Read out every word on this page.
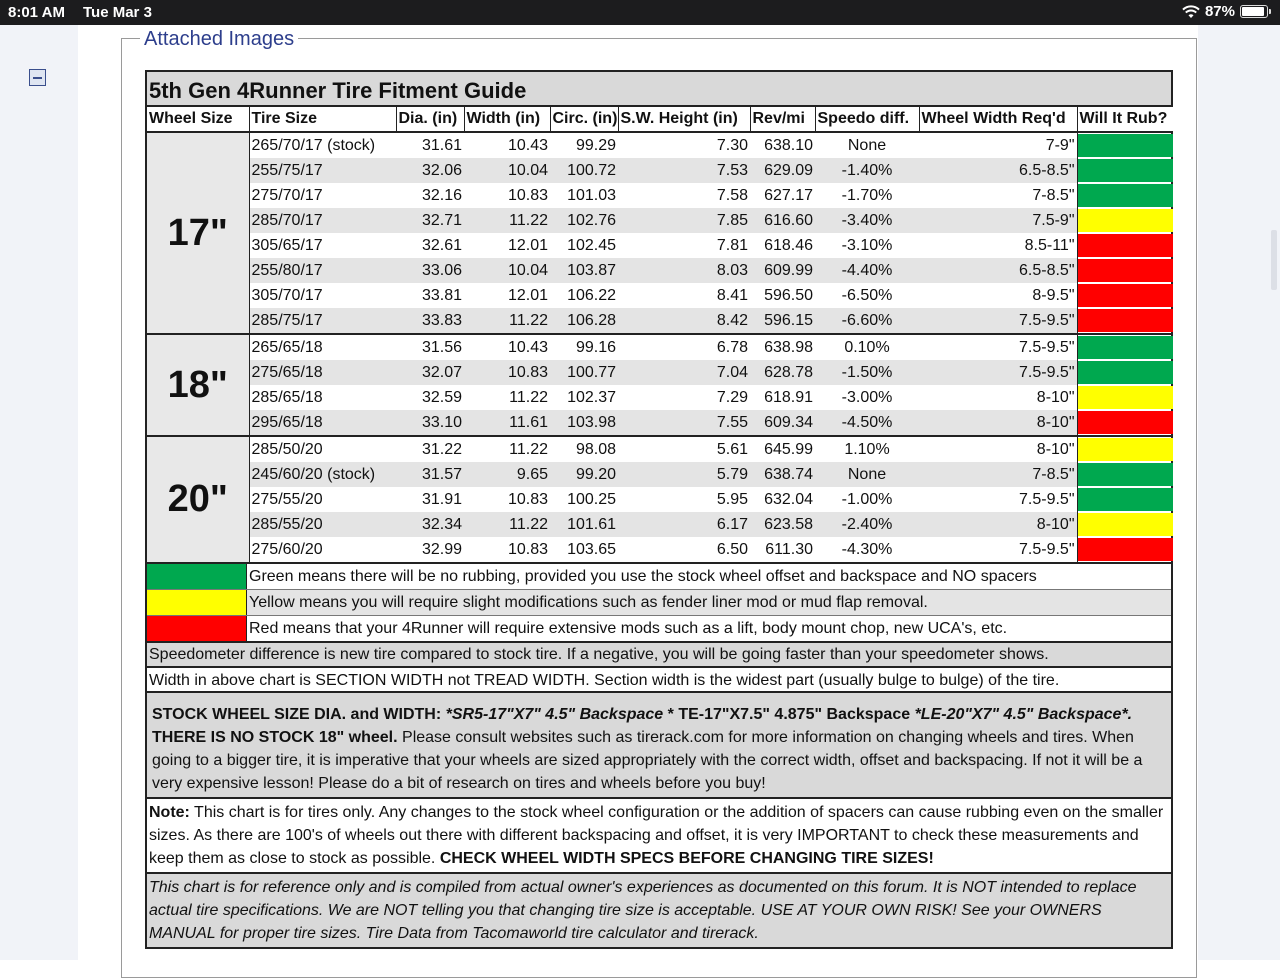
8:01 AM Tue Mar 3	87%
Attached Images
5th Gen 4Runner Tire Fitment Guide
Wheel Size	Tire Size	Dia. (in)	Width (in)	Circ. (in)	S.W. Height (in)	Rev/mi	Speedo diff.	Wheel Width Req'd	Will It Rub?
17"	265/70/17 (stock)	31.61	10.43	99.29	7.30	638.10	None	7-9"	

	255/75/17	32.06	10.04	100.72	7.53	629.09	-1.40%	6.5-8.5"	

	275/70/17	32.16	10.83	101.03	7.58	627.17	-1.70%	7-8.5"	

	285/70/17	32.71	11.22	102.76	7.85	616.60	-3.40%	7.5-9"	

	305/65/17	32.61	12.01	102.45	7.81	618.46	-3.10%	8.5-11"	

	255/80/17	33.06	10.04	103.87	8.03	609.99	-4.40%	6.5-8.5"	

	305/70/17	33.81	12.01	106.22	8.41	596.50	-6.50%	8-9.5"	

	285/75/17	33.83	11.22	106.28	8.42	596.15	-6.60%	7.5-9.5"	

18"	265/65/18	31.56	10.43	99.16	6.78	638.98	0.10%	7.5-9.5"	

	275/65/18	32.07	10.83	100.77	7.04	628.78	-1.50%	7.5-9.5"	

	285/65/18	32.59	11.22	102.37	7.29	618.91	-3.00%	8-10"	

	295/65/18	33.10	11.61	103.98	7.55	609.34	-4.50%	8-10"	

20"	285/50/20	31.22	11.22	98.08	5.61	645.99	1.10%	8-10"	

	245/60/20 (stock)	31.57	9.65	99.20	5.79	638.74	None	7-8.5"	

	275/55/20	31.91	10.83	100.25	5.95	632.04	-1.00%	7.5-9.5"	

	285/55/20	32.34	11.22	101.61	6.17	623.58	-2.40%	8-10"	

	275/60/20	32.99	10.83	103.65	6.50	611.30	-4.30%	7.5-9.5"	
Green means there will be no rubbing, provided you use the stock wheel offset and backspace and NO spacers
Yellow means you will require slight modifications such as fender liner mod or mud flap removal.
Red means that your 4Runner will require extensive mods such as a lift, body mount chop, new UCA's, etc.
Speedometer difference is new tire compared to stock tire. If a negative, you will be going faster than your speedometer shows.
Width in above chart is SECTION WIDTH not TREAD WIDTH. Section width is the widest part (usually bulge to bulge) of the tire.
STOCK WHEEL SIZE DIA. and WIDTH: *SR5-17"X7" 4.5" Backspace * TE-17"X7.5" 4.875" Backspace *LE-20"X7" 4.5" Backspace*.
THERE IS NO STOCK 18" wheel. Please consult websites such as tirerack.com for more information on changing wheels and tires. When going to a bigger tire, it is imperative that your wheels are sized appropriately with the correct width, offset and backspacing. If not it will be a very expensive lesson! Please do a bit of research on tires and wheels before you buy!
Note: This chart is for tires only. Any changes to the stock wheel configuration or the addition of spacers can cause rubbing even on the smaller sizes. As there are 100's of wheels out there with different backspacing and offset, it is very IMPORTANT to check these measurements and keep them as close to stock as possible. CHECK WHEEL WIDTH SPECS BEFORE CHANGING TIRE SIZES!
This chart is for reference only and is compiled from actual owner's experiences as documented on this forum. It is NOT intended to replace actual tire specifications. We are NOT telling you that changing tire size is acceptable. USE AT YOUR OWN RISK! See your OWNERS MANUAL for proper tire sizes. Tire Data from Tacomaworld tire calculator and tirerack.
